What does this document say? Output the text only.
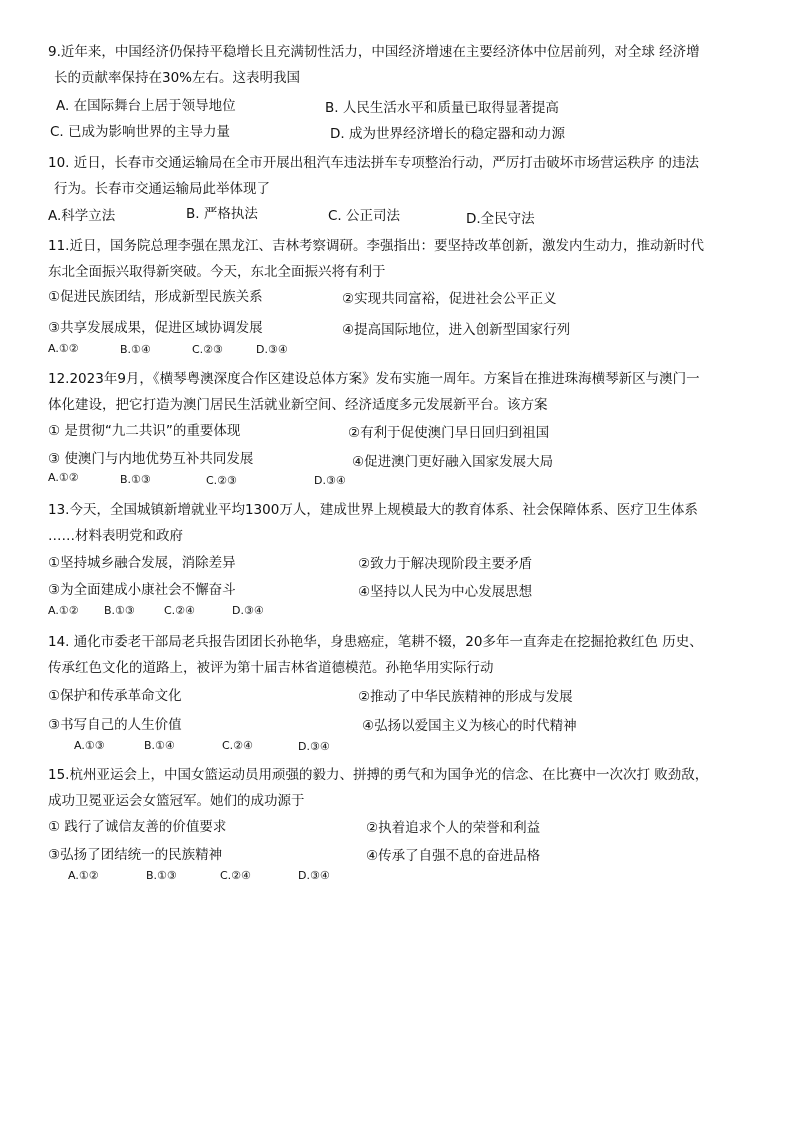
9.近年来，中国经济仍保持平稳增长且充满韧性活力，中国经济增速在主要经济体中位居前列，对全球 经济增
长的贡献率保持在30%左右。这表明我国
A. 在国际舞台上居于领导地位	B. 人民生活水平和质量已取得显著提高
C. 已成为影响世界的主导力量	D. 成为世界经济增长的稳定器和动力源
10. 近日，长春市交通运输局在全市开展出租汽车违法拼车专项整治行动，严厉打击破坏市场营运秩序 的违法
行为。长春市交通运输局此举体现了
A.科学立法	B. 严格执法	C. 公正司法	D.全民守法
11.近日，国务院总理李强在黑龙江、吉林考察调研。李强指出：要坚持改革创新，激发内生动力，推动新时代
东北全面振兴取得新突破。今天，东北全面振兴将有利于
①促进民族团结，形成新型民族关系	②实现共同富裕，促进社会公平正义
③共享发展成果，促进区域协调发展	④提高国际地位，进入创新型国家行列
A.①②	B.①④	C.②③	D.③④
12.2023年9月，《横琴粤澳深度合作区建设总体方案》发布实施一周年。方案旨在推进珠海横琴新区与澳门一
体化建设，把它打造为澳门居民生活就业新空间、经济适度多元发展新平台。该方案
① 是贯彻“九二共识”的重要体现	②有利于促使澳门早日回归到祖国
③ 使澳门与内地优势互补共同发展	④促进澳门更好融入国家发展大局
A.①②	B.①③	C.②③	D.③④
13.今天，全国城镇新增就业平均1300万人，建成世界上规模最大的教育体系、社会保障体系、医疗卫生体系
……材料表明党和政府
①坚持城乡融合发展，消除差异	②致力于解决现阶段主要矛盾
③为全面建成小康社会不懈奋斗	④坚持以人民为中心发展思想
A.①② B.①③	C.②④	D.③④
14. 通化市委老干部局老兵报告团团长孙艳华，身患癌症，笔耕不辍，20多年一直奔走在挖掘抢救红色 历史、
传承红色文化的道路上，被评为第十届吉林省道德模范。孙艳华用实际行动
①保护和传承革命文化	②推动了中华民族精神的形成与发展
③书写自己的人生价值	④弘扬以爱国主义为核心的时代精神
A.①③	B.①④	C.②④	D.③④
15.杭州亚运会上，中国女篮运动员用顽强的毅力、拼搏的勇气和为国争光的信念、在比赛中一次次打 败劲敌，
成功卫冕亚运会女篮冠军。她们的成功源于
① 践行了诚信友善的价值要求	②执着追求个人的荣誉和利益
③弘扬了团结统一的民族精神	④传承了自强不息的奋进品格
A.①②	B.①③	C.②④	D.③④
